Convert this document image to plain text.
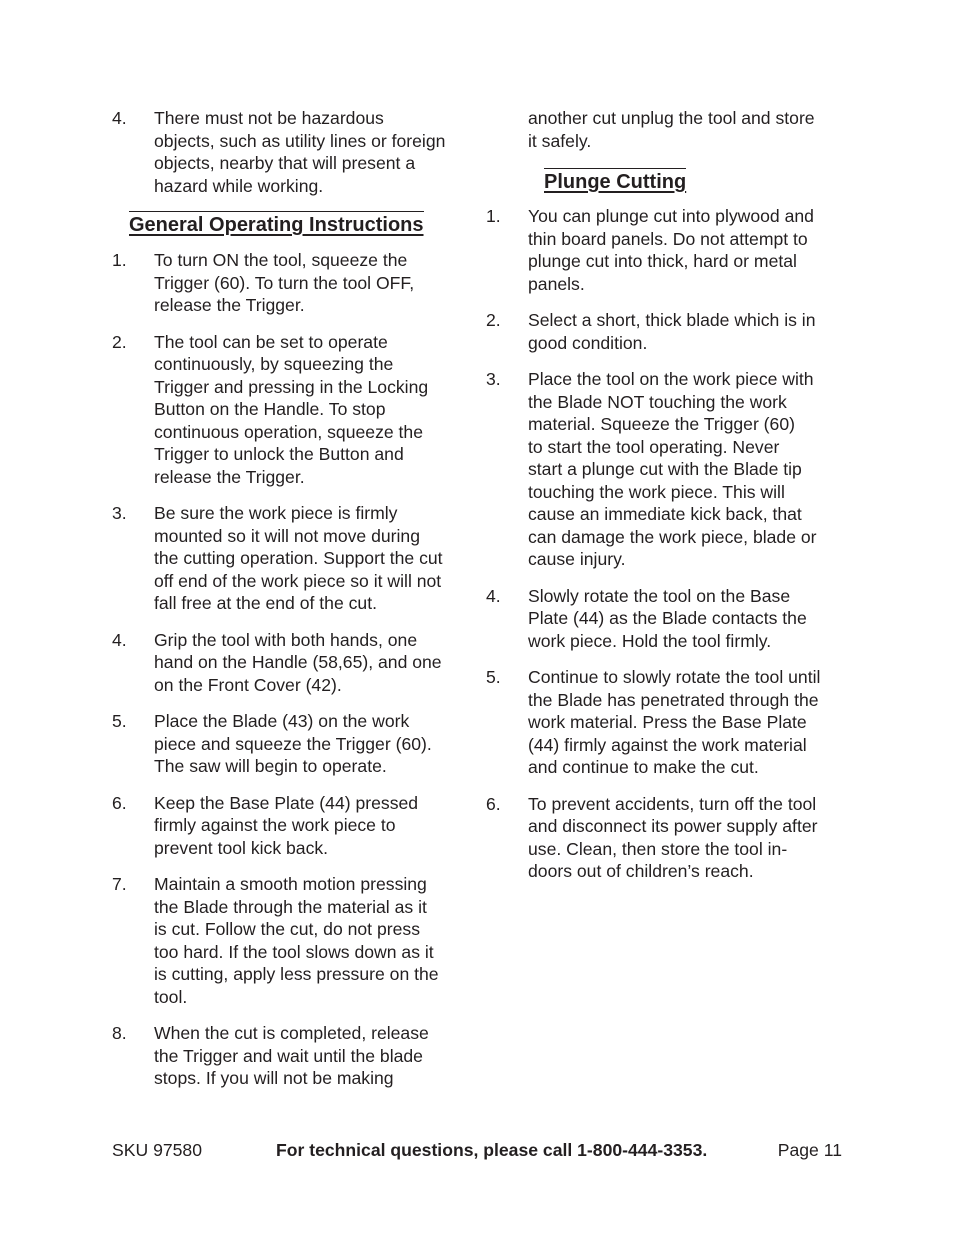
4.	There must not be hazardous
objects, such as utility lines or foreign
objects, nearby that will present a
hazard while working.
General Operating Instructions
1.	To turn ON the tool, squeeze the
Trigger (60). To turn the tool OFF,
release the Trigger.
2.	The tool can be set to operate
continuously, by squeezing the
Trigger and pressing in the Locking
Button on the Handle. To stop
continuous operation, squeeze the
Trigger to unlock the Button and
release the Trigger.
3.	Be sure the work piece is firmly
mounted so it will not move during
the cutting operation. Support the cut
off end of the work piece so it will not
fall free at the end of the cut.
4.	Grip the tool with both hands, one
hand on the Handle (58,65), and one
on the Front Cover (42).
5.	Place the Blade (43) on the work
piece and squeeze the Trigger (60).
The saw will begin to operate.
6.	Keep the Base Plate (44) pressed
firmly against the work piece to
prevent tool kick back.
7.	Maintain a smooth motion pressing
the Blade through the material as it
is cut. Follow the cut, do not press
too hard. If the tool slows down as it
is cutting, apply less pressure on the
tool.
8.	When the cut is completed, release
the Trigger and wait until the blade
stops. If you will not be making
another cut unplug the tool and store
it safely.
Plunge Cutting
1.	You can plunge cut into plywood and
thin board panels. Do not attempt to
plunge cut into thick, hard or metal
panels.
2.	Select a short, thick blade which is in
good condition.
3.	Place the tool on the work piece with
the Blade NOT touching the work
material. Squeeze the Trigger (60)
to start the tool operating. Never
start a plunge cut with the Blade tip
touching the work piece. This will
cause an immediate kick back, that
can damage the work piece, blade or
cause injury.
4.	Slowly rotate the tool on the Base
Plate (44) as the Blade contacts the
work piece. Hold the tool firmly.
5.	Continue to slowly rotate the tool until
the Blade has penetrated through the
work material. Press the Base Plate
(44) firmly against the work material
and continue to make the cut.
6.	To prevent accidents, turn off the tool
and disconnect its power supply after
use. Clean, then store the tool in-
doors out of children’s reach.
SKU 97580	For technical questions, please call 1-800-444-3353.	Page 11
